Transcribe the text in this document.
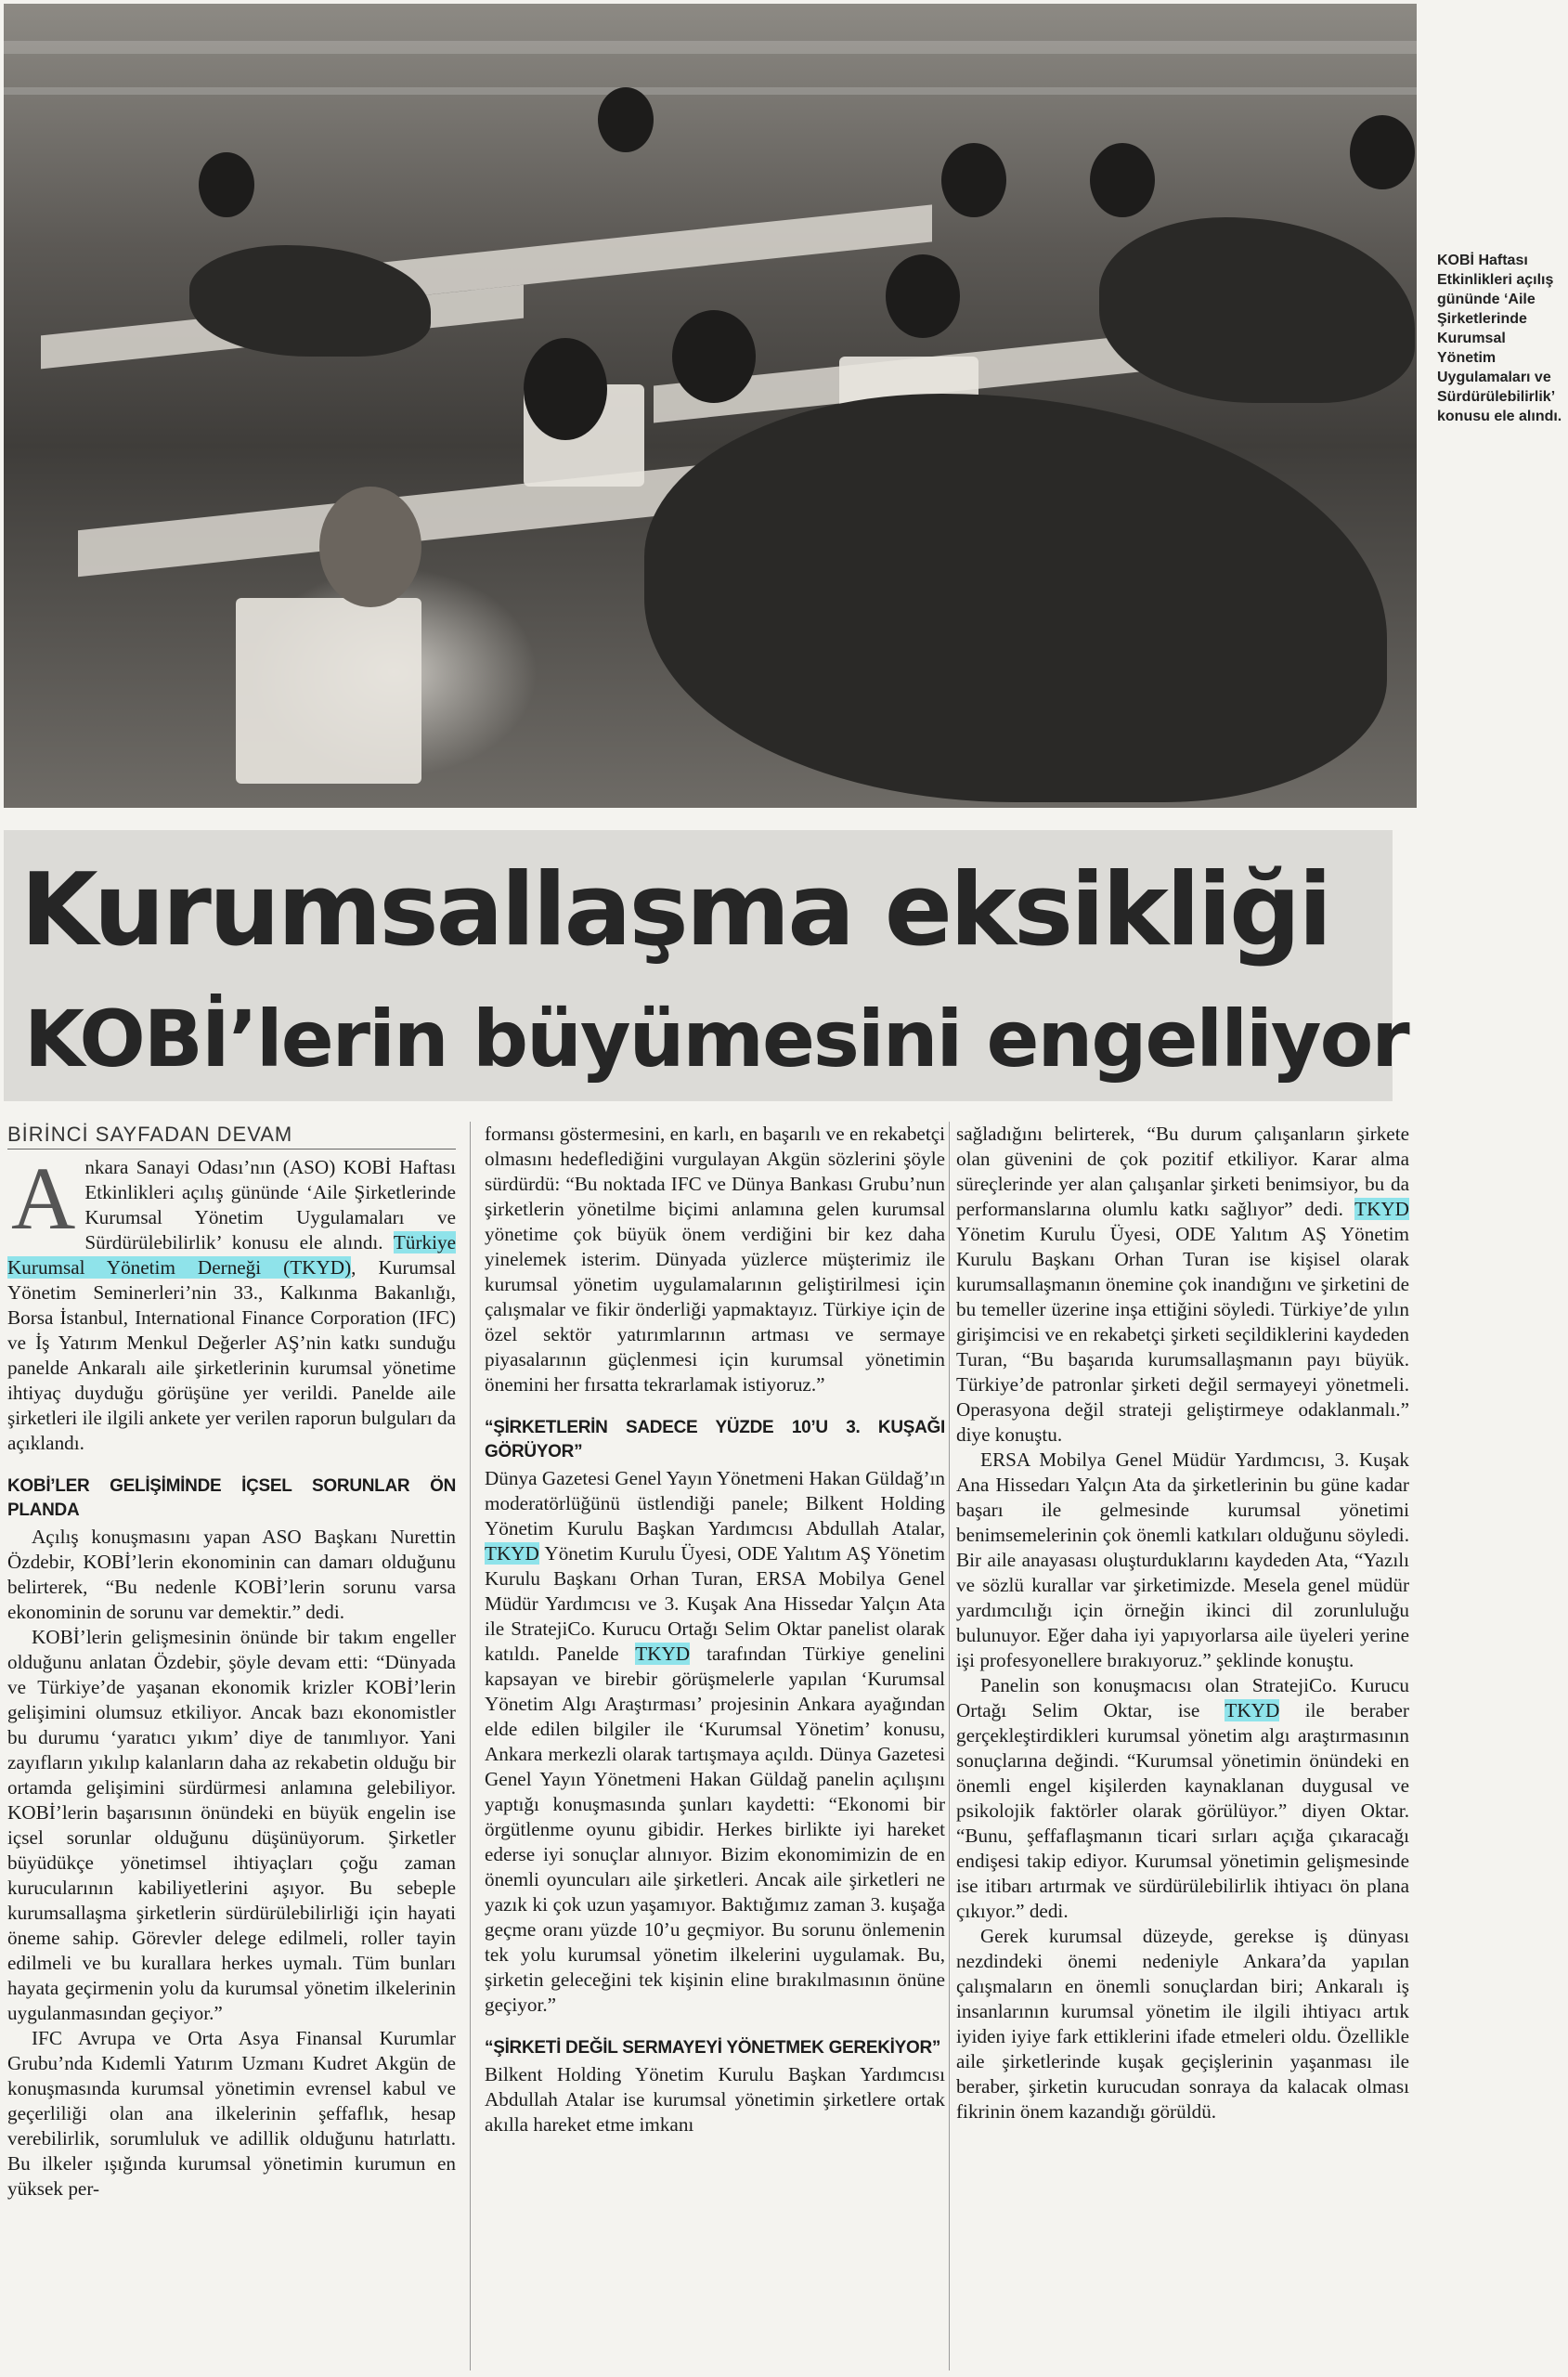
KOBİ Haftası Etkinlikleri açılış gününde ‘Aile Şirketlerinde Kurumsal Yönetim Uygulamaları ve Sürdürülebilirlik’ konusu ele alındı.
Kurumsallaşma eksikliği
KOBİ’lerin büyümesini engelliyor
BİRİNCİ SAYFADAN DEVAM

Ankara Sanayi Odası’nın (ASO) KOBİ Haftası Etkinlikleri açılış gününde ‘Aile Şirketlerinde Kurumsal Yönetim Uygulamaları ve Sürdürülebilirlik’ konusu ele alındı. Türkiye Kurumsal Yönetim Derneği (TKYD), Kurumsal Yönetim Seminerleri’nin 33., Kalkınma Bakanlığı, Borsa İstanbul, International Finance Corporation (IFC) ve İş Yatırım Menkul Değerler AŞ’nin katkı sunduğu panelde Ankaralı aile şirketlerinin kurumsal yönetime ihtiyaç duyduğu görüşüne yer verildi. Panelde aile şirketleri ile ilgili ankete yer verilen raporun bulguları da açıklandı.

KOBİ’LER GELİŞİMİNDE İÇSEL SORUNLAR ÖN PLANDA

Açılış konuşmasını yapan ASO Başkanı Nurettin Özdebir, KOBİ’lerin ekonominin can damarı olduğunu belirterek, “Bu nedenle KOBİ’lerin sorunu varsa ekonominin de sorunu var demektir.” dedi.

KOBİ’lerin gelişmesinin önünde bir takım engeller olduğunu anlatan Özdebir, şöyle devam etti: “Dünyada ve Türkiye’de yaşanan ekonomik krizler KOBİ’lerin gelişimini olumsuz etkiliyor. Ancak bazı ekonomistler bu durumu ‘yaratıcı yıkım’ diye de tanımlıyor. Yani zayıfların yıkılıp kalanların daha az rekabetin olduğu bir ortamda gelişimini sürdürmesi anlamına gelebiliyor. KOBİ’lerin başarısının önündeki en büyük engelin ise içsel sorunlar olduğunu düşünüyorum. Şirketler büyüdükçe yönetimsel ihtiyaçları çoğu zaman kurucularının kabiliyetlerini aşıyor. Bu sebeple kurumsallaşma şirketlerin sürdürülebilirliği için hayati öneme sahip. Görevler delege edilmeli, roller tayin edilmeli ve bu kurallara herkes uymalı. Tüm bunları hayata geçirmenin yolu da kurumsal yönetim ilkelerinin uygulanmasından geçiyor.”

IFC Avrupa ve Orta Asya Finansal Kurumlar Grubu’nda Kıdemli Yatırım Uzmanı Kudret Akgün de konuşmasında kurumsal yönetimin evrensel kabul ve geçerliliği olan ana ilkelerinin şeffaflık, hesap verebilirlik, sorumluluk ve adillik olduğunu hatırlattı. Bu ilkeler ışığında kurumsal yönetimin kurumun en yüksek per-

formansı göstermesini, en karlı, en başarılı ve en rekabetçi olmasını hedeflediğini vurgulayan Akgün sözlerini şöyle sürdürdü: “Bu noktada IFC ve Dünya Bankası Grubu’nun şirketlerin yönetilme biçimi anlamına gelen kurumsal yönetime çok büyük önem verdiğini bir kez daha yinelemek isterim. Dünyada yüzlerce müşterimiz ile kurumsal yönetim uygulamalarının geliştirilmesi için çalışmalar ve fikir önderliği yapmaktayız. Türkiye için de özel sektör yatırımlarının artması ve sermaye piyasalarının güçlenmesi için kurumsal yönetimin önemini her fırsatta tekrarlamak istiyoruz.”

“ŞİRKETLERİN SADECE YÜZDE 10’U 3. KUŞAĞI GÖRÜYOR”

Dünya Gazetesi Genel Yayın Yönetmeni Hakan Güldağ’ın moderatörlüğünü üstlendiği panele; Bilkent Holding Yönetim Kurulu Başkan Yardımcısı Abdullah Atalar, TKYD Yönetim Kurulu Üyesi, ODE Yalıtım AŞ Yönetim Kurulu Başkanı Orhan Turan, ERSA Mobilya Genel Müdür Yardımcısı ve 3. Kuşak Ana Hissedar Yalçın Ata ile StratejiCo. Kurucu Ortağı Selim Oktar panelist olarak katıldı. Panelde TKYD tarafından Türkiye genelini kapsayan ve birebir görüşmelerle yapılan ‘Kurumsal Yönetim Algı Araştırması’ projesinin Ankara ayağından elde edilen bilgiler ile ‘Kurumsal Yönetim’ konusu, Ankara merkezli olarak tartışmaya açıldı. Dünya Gazetesi Genel Yayın Yönetmeni Hakan Güldağ panelin açılışını yaptığı konuşmasında şunları kaydetti: “Ekonomi bir örgütlenme oyunu gibidir. Herkes birlikte iyi hareket ederse iyi sonuçlar alınıyor. Bizim ekonomimizin de en önemli oyuncuları aile şirketleri. Ancak aile şirketleri ne yazık ki çok uzun yaşamıyor. Baktığımız zaman 3. kuşağa geçme oranı yüzde 10’u geçmiyor. Bu sorunu önlemenin tek yolu kurumsal yönetim ilkelerini uygulamak. Bu, şirketin geleceğini tek kişinin eline bırakılmasının önüne geçiyor.”

“ŞİRKETİ DEĞİL SERMAYEYİ YÖNETMEK GEREKİYOR”

Bilkent Holding Yönetim Kurulu Başkan Yardımcısı Abdullah Atalar ise kurumsal yönetimin şirketlere ortak akılla hareket etme imkanı

sağladığını belirterek, “Bu durum çalışanların şirkete olan güvenini de çok pozitif etkiliyor. Karar alma süreçlerinde yer alan çalışanlar şirketi benimsiyor, bu da performanslarına olumlu katkı sağlıyor” dedi. TKYD Yönetim Kurulu Üyesi, ODE Yalıtım AŞ Yönetim Kurulu Başkanı Orhan Turan ise kişisel olarak kurumsallaşmanın önemine çok inandığını ve şirketini de bu temeller üzerine inşa ettiğini söyledi. Türkiye’de yılın girişimcisi ve en rekabetçi şirketi seçildiklerini kaydeden Turan, “Bu başarıda kurumsallaşmanın payı büyük. Türkiye’de patronlar şirketi değil sermayeyi yönetmeli. Operasyona değil strateji geliştirmeye odaklanmalı.” diye konuştu.

ERSA Mobilya Genel Müdür Yardımcısı, 3. Kuşak Ana Hissedarı Yalçın Ata da şirketlerinin bu güne kadar başarı ile gelmesinde kurumsal yönetimi benimsemelerinin çok önemli katkıları olduğunu söyledi. Bir aile anayasası oluşturduklarını kaydeden Ata, “Yazılı ve sözlü kurallar var şirketimizde. Mesela genel müdür yardımcılığı için örneğin ikinci dil zorunluluğu bulunuyor. Eğer daha iyi yapıyorlarsa aile üyeleri yerine işi profesyonellere bırakıyoruz.” şeklinde konuştu.

Panelin son konuşmacısı olan StratejiCo. Kurucu Ortağı Selim Oktar, ise TKYD ile beraber gerçekleştirdikleri kurumsal yönetim algı araştırmasının sonuçlarına değindi. “Kurumsal yönetimin önündeki en önemli engel kişilerden kaynaklanan duygusal ve psikolojik faktörler olarak görülüyor.” diyen Oktar. “Bunu, şeffaflaşmanın ticari sırları açığa çıkaracağı endişesi takip ediyor. Kurumsal yönetimin gelişmesinde ise itibarı artırmak ve sürdürülebilirlik ihtiyacı ön plana çıkıyor.” dedi.

Gerek kurumsal düzeyde, gerekse iş dünyası nezdindeki önemi nedeniyle Ankara’da yapılan çalışmaların en önemli sonuçlardan biri; Ankaralı iş insanlarının kurumsal yönetim ile ilgili ihtiyacı artık iyiden iyiye fark ettiklerini ifade etmeleri oldu. Özellikle aile şirketlerinde kuşak geçişlerinin yaşanması ile beraber, şirketin kurucudan sonraya da kalacak olması fikrinin önem kazandığı görüldü.
